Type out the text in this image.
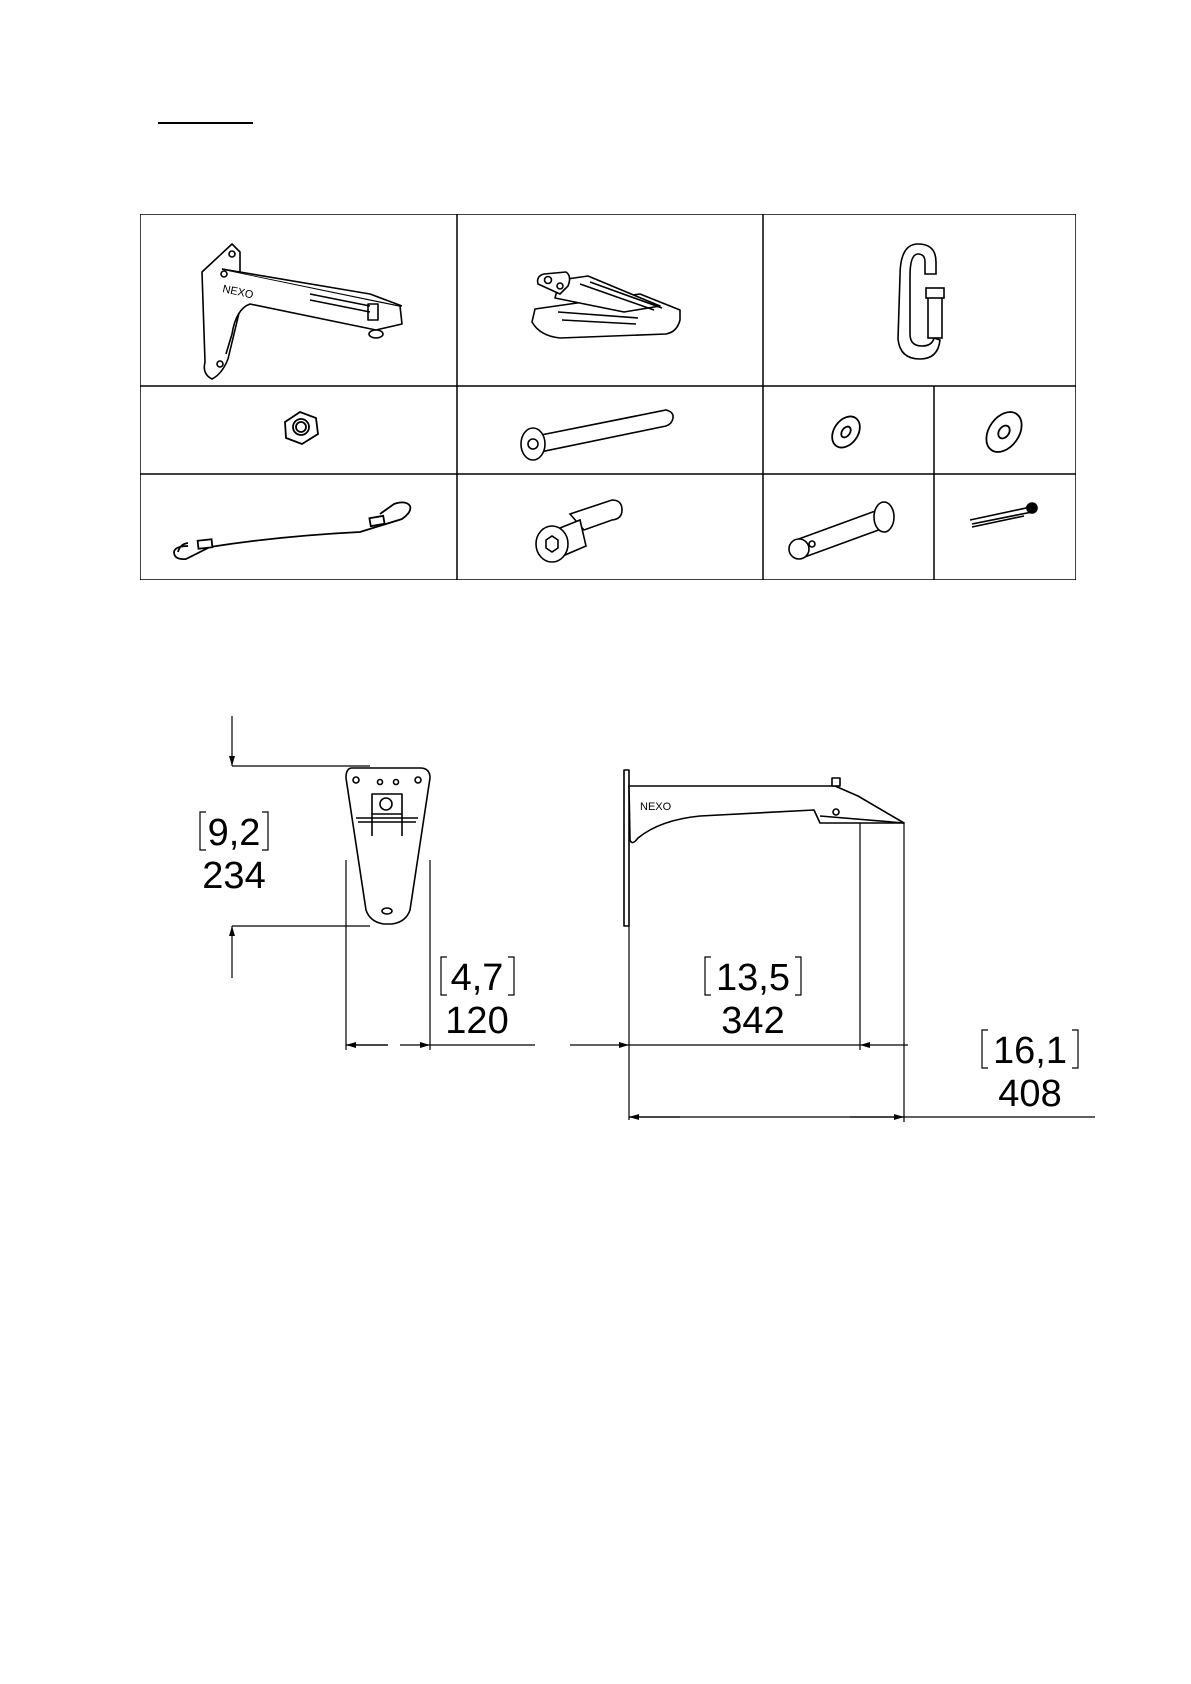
NEXO
NEXO
9,2
234
4,7
120
13,5
342
16,1
408
